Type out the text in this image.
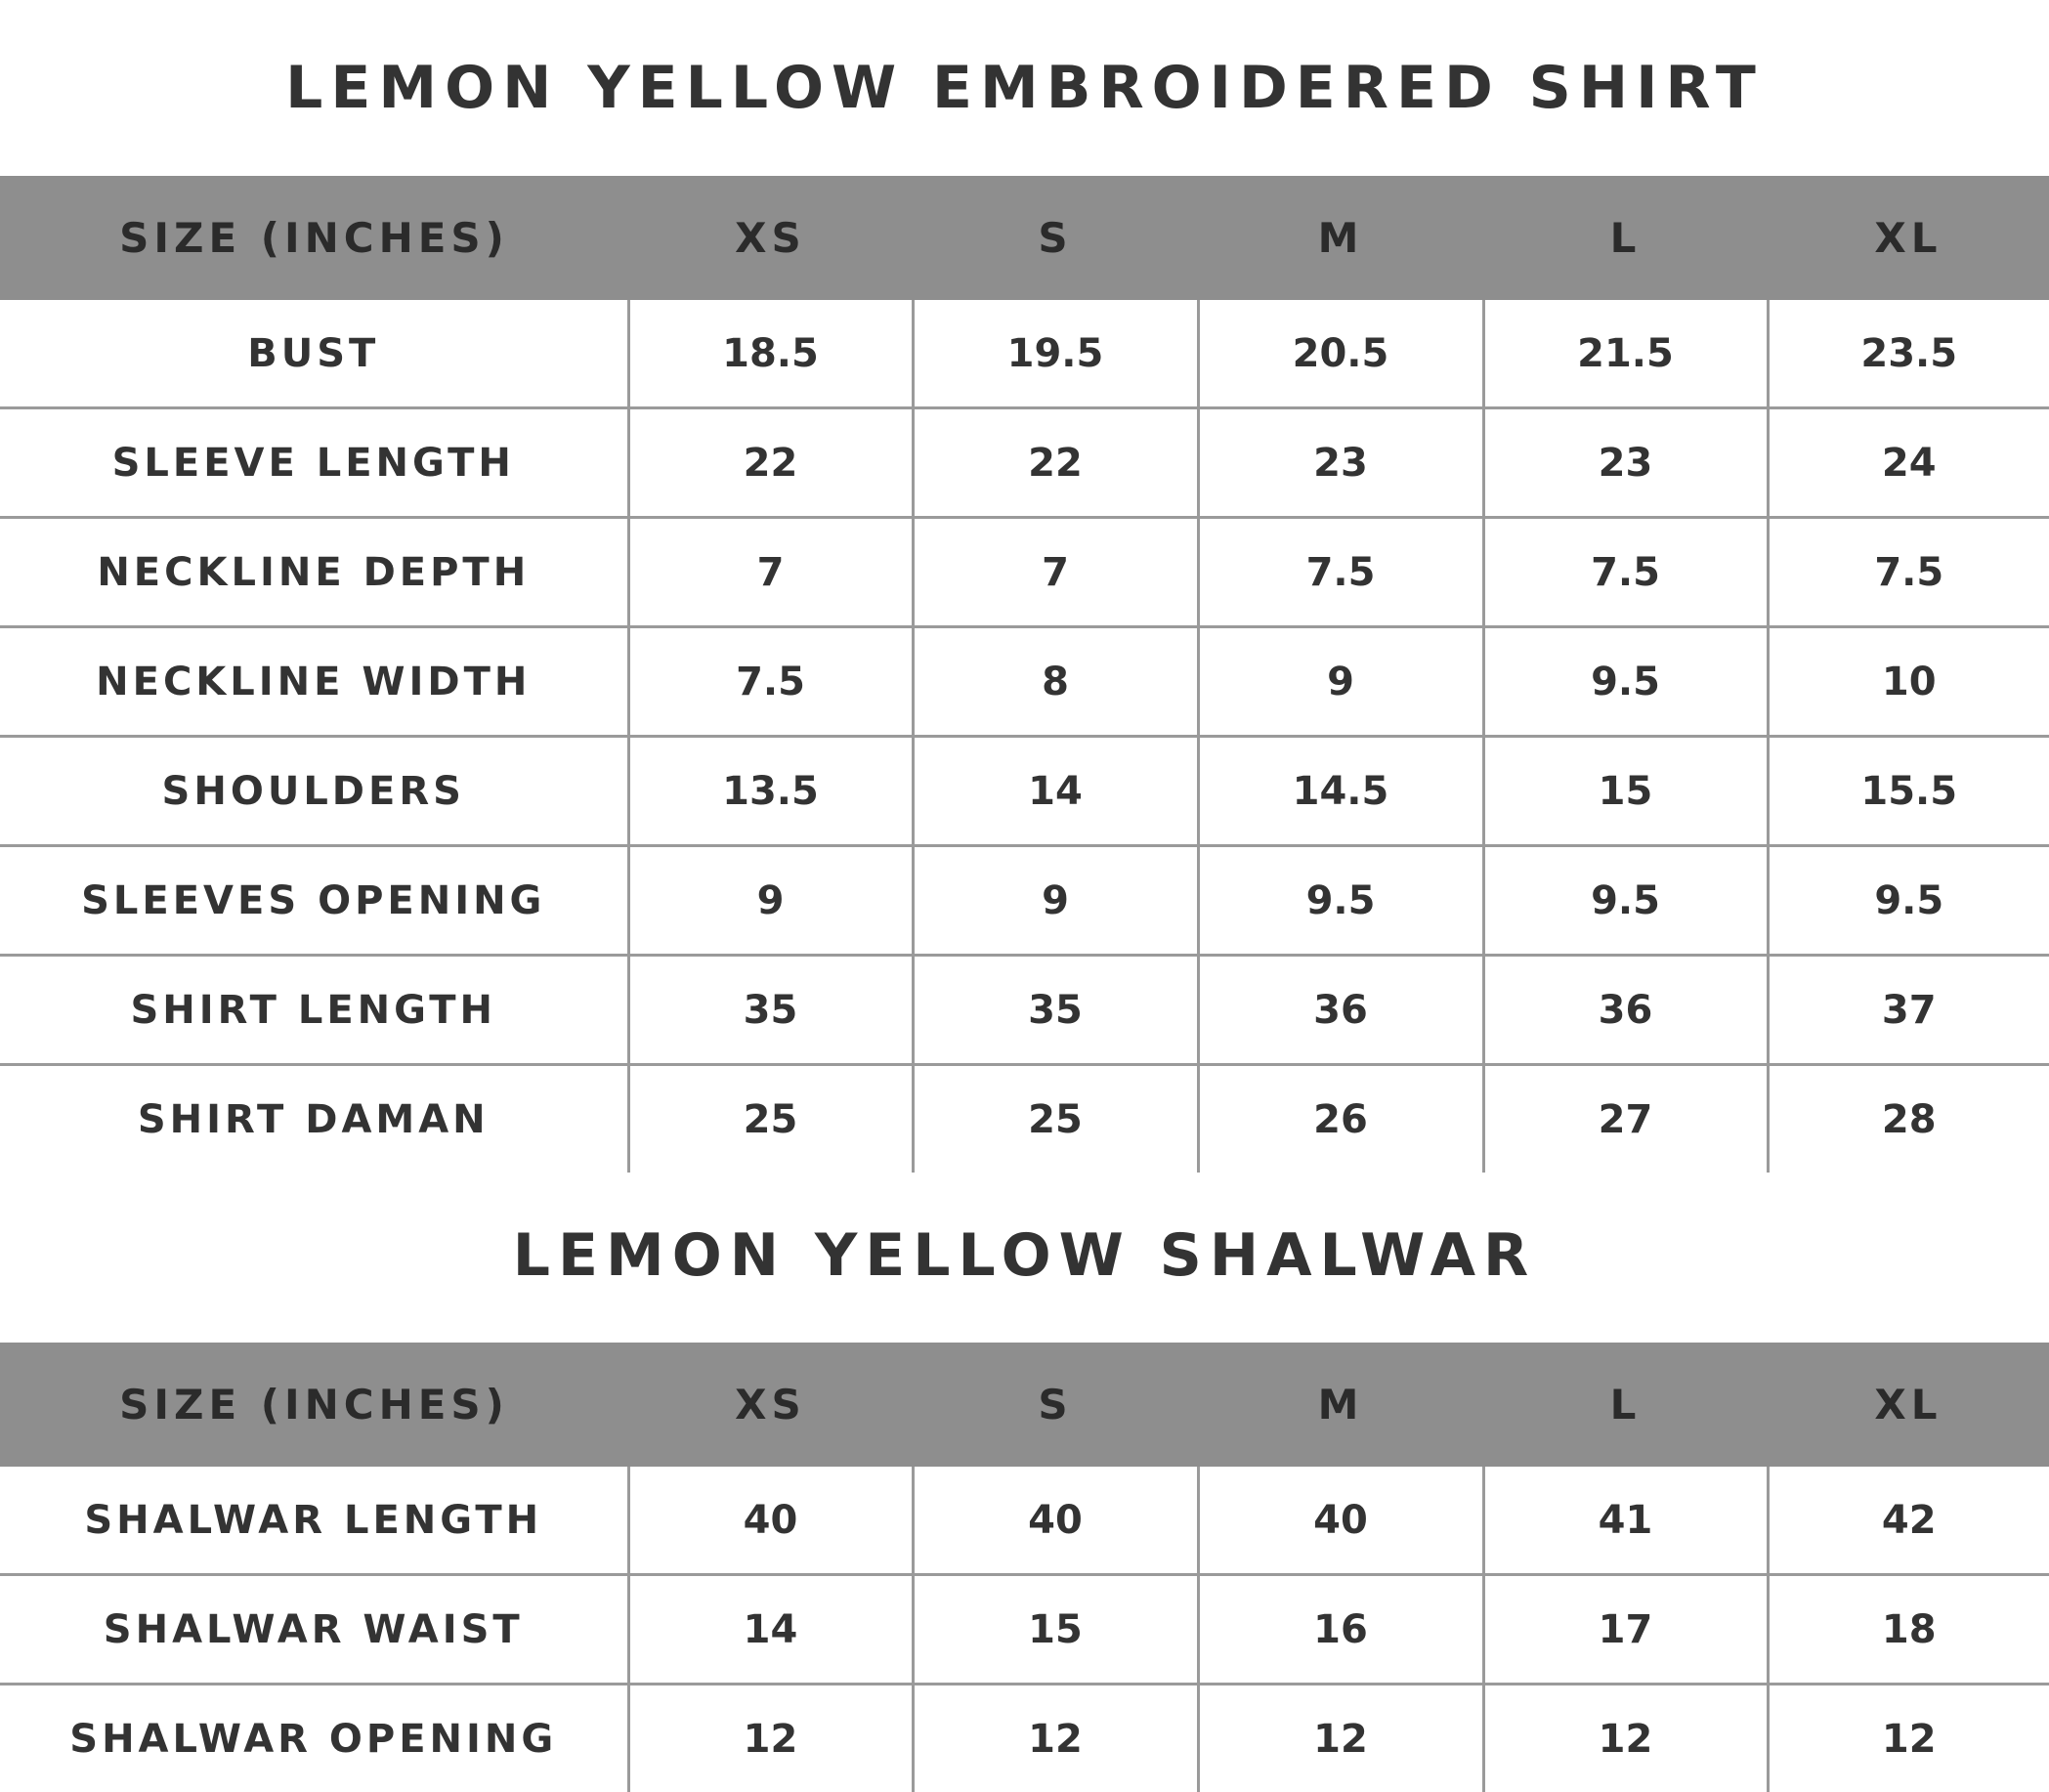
LEMON YELLOW EMBROIDERED SHIRT
SIZE (INCHES)	XS	S	M	L	XL
BUST	18.5	19.5	20.5	21.5	23.5
SLEEVE LENGTH	22	22	23	23	24
NECKLINE DEPTH	7	7	7.5	7.5	7.5
NECKLINE WIDTH	7.5	8	9	9.5	10
SHOULDERS	13.5	14	14.5	15	15.5
SLEEVES OPENING	9	9	9.5	9.5	9.5
SHIRT LENGTH	35	35	36	36	37
SHIRT DAMAN	25	25	26	27	28
LEMON YELLOW SHALWAR
SIZE (INCHES)	XS	S	M	L	XL
SHALWAR LENGTH	40	40	40	41	42
SHALWAR WAIST	14	15	16	17	18
SHALWAR OPENING	12	12	12	12	12
